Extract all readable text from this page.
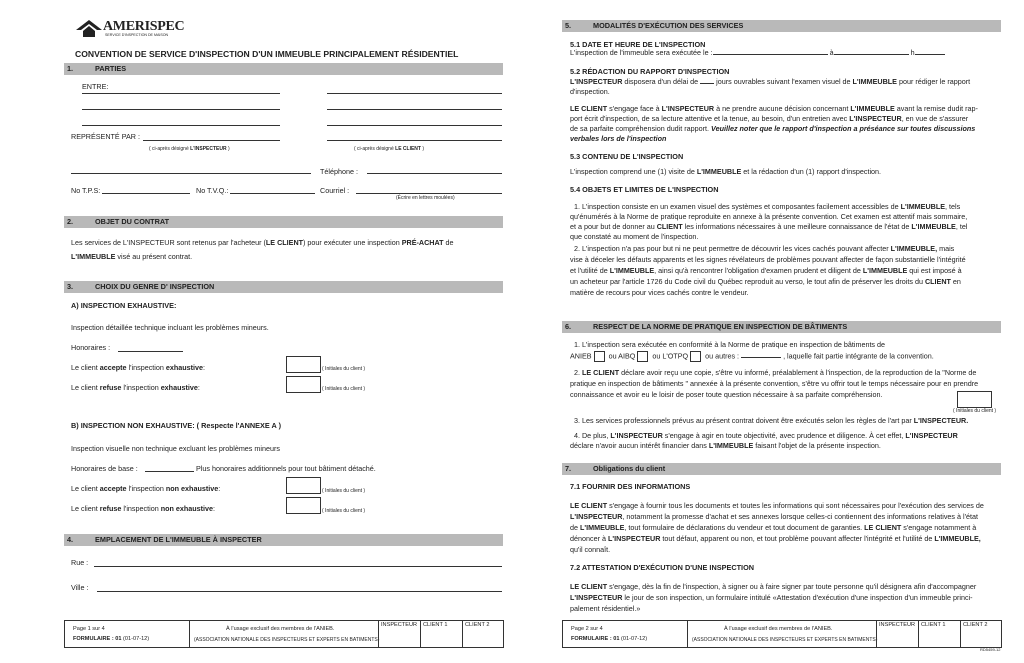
AMERISPEC
SERVICE D'INSPECTION DE MAISON
CONVENTION DE SERVICE D'INSPECTION D'UN IMMEUBLE PRINCIPALEMENT RÉSIDENTIEL
1.	PARTIES
ENTRE:
REPRÉSENTÉ PAR :
( ci-après désigné L'INSPECTEUR )	( ci-après désigné LE CLIENT )
Téléphone :
No T.P.S:	No T.V.Q.:	Courriel :
(Écrire en lettres moulées)
2.	OBJET DU CONTRAT
Les services de L'INSPECTEUR sont retenus par l'acheteur (LE CLIENT) pour exécuter une inspection PRÉ-ACHAT de
L'IMMEUBLE visé au présent contrat.
3.	CHOIX DU GENRE D' INSPECTION
A) INSPECTION EXHAUSTIVE:
Inspection détaillée technique incluant les problèmes mineurs.
Honoraires :
Le client accepte l'inspection exhaustive:	( Initiales du client )
Le client refuse l'inspection exhaustive:	( Initiales du client )
B) INSPECTION NON EXHAUSTIVE: ( Respecte l'ANNEXE A )
Inspection visuelle non technique excluant les problèmes mineurs
Honoraires de base :	Plus honoraires additionnels pour tout bâtiment détaché.
Le client accepte l'inspection non exhaustive:	( Initiales du client )
Le client refuse l'inspection non exhaustive:	( Initiales du client )
4.	EMPLACEMENT DE L'IMMEUBLE À INSPECTER
Rue :
Ville :
Page 1 sur 4
FORMULAIRE : 01 (01-07-12)
À l'usage exclusif des membres de l'ANIEB.
(ASSOCIATION NATIONALE DES INSPECTEURS ET EXPERTS EN BATIMENTS)
INSPECTEUR CLIENT 1	CLIENT 2
5.	MODALITÉS D'EXÉCUTION DES SERVICES
5.1 DATE ET HEURE DE L'INSPECTION
L'inspection de l'immeuble sera exécutée le :	à	h
5.2 RÉDACTION DU RAPPORT D'INSPECTION
L'INSPECTEUR disposera d'un délai de  jours ouvrables suivant l'examen visuel de L'IMMEUBLE pour rédiger le rapport
d'inspection.
LE CLIENT s'engage face à L'INSPECTEUR à ne prendre aucune décision concernant L'IMMEUBLE avant la remise dudit rap-
port écrit d'inspection, de sa lecture attentive et la tenue, au besoin, d'un entretien avec L'INSPECTEUR, en vue de s'assurer
de sa parfaite compréhension dudit rapport. Veuillez noter que le rapport d'inspection a préséance sur toutes discussions
verbales lors de l'inspection
5.3 CONTENU DE L'INSPECTION
L'inspection comprend une (1) visite de L'IMMEUBLE et la rédaction d'un (1) rapport d'inspection.
5.4 OBJETS ET LIMITES DE L'INSPECTION
1. L'inspection consiste en un examen visuel des systèmes et composantes facilement accessibles de L'IMMEUBLE, tels
qu'énumérés à la Norme de pratique reproduite en annexe à la présente convention. Cet examen est attentif mais sommaire,
et a pour but de donner au CLIENT les informations nécessaires à une meilleure connaissance de l'état de L'IMMEUBLE, tel
que constaté au moment de l'inspection.
2. L'inspection n'a pas pour but ni ne peut permettre de découvrir les vices cachés pouvant affecter L'IMMEUBLE, mais
vise à déceler les défauts apparents et les signes révélateurs de problèmes pouvant affecter de façon substantielle l'intégrité
et l'utilité de L'IMMEUBLE, ainsi qu'à rencontrer l'obligation d'examen prudent et diligent de L'IMMEUBLE qui est imposé à
un acheteur par l'article 1726 du Code civil du Québec reproduit au verso, le tout afin de préserver les droits du CLIENT en
matière de recours pour vices cachés contre le vendeur.
6.	RESPECT DE LA NORME DE PRATIQUE EN INSPECTION DE BÂTIMENTS
1. L'inspection sera exécutée en conformité à la Norme de pratique en inspection de bâtiments de
ANIEB ou AIBQ ou L'OTPQ ou autres :	, laquelle fait partie intégrante de la convention.
2. LE CLIENT déclare avoir reçu une copie, s'être vu informé, préalablement à l'inspection, de la reproduction de la "Norme de
pratique en inspection de bâtiments " annexée à la présente convention, s'être vu offrir tout le temps nécessaire pour en prendre
connaissance et avoir eu le loisir de poser toute question nécessaire à sa parfaite compréhension.
( Initiales du client )
3. Les services professionnels prévus au présent contrat doivent être exécutés selon les règles de l'art par L'INSPECTEUR.
4. De plus, L'INSPECTEUR s'engage à agir en toute objectivité, avec prudence et diligence. À cet effet, L'INSPECTEUR
déclare n'avoir aucun intérêt financier dans L'IMMEUBLE faisant l'objet de la présente inspection.
7.	Obligations du client
7.1 FOURNIR DES INFORMATIONS
LE CLIENT s'engage à fournir tous les documents et toutes les informations qui sont nécessaires pour l'exécution des services de
L'INSPECTEUR, notamment la promesse d'achat et ses annexes lorsque celles-ci contiennent des informations relatives à l'état
de L'IMMEUBLE, tout formulaire de déclarations du vendeur et tout document de garanties. LE CLIENT s'engage notamment à
dénoncer à L'INSPECTEUR tout défaut, apparent ou non, et tout problème pouvant affecter l'intégrité et l'utilité de L'IMMEUBLE,
qu'il connaît.
7.2 ATTESTATION D'EXÉCUTION D'UNE INSPECTION
LE CLIENT s'engage, dès la fin de l'inspection, à signer ou à faire signer par toute personne qu'il désignera afin d'accompagner
L'INSPECTEUR le jour de son inspection, un formulaire intitulé «Attestation d'exécution d'une inspection d'un immeuble princi-
palement résidentiel.»
Page 2 sur 4
FORMULAIRE : 01 (01-07-12)
À l'usage exclusif des membres de l'ANIEB.
(ASSOCIATION NATIONALE DES INSPECTEURS ET EXPERTS EN BATIMENTS)
INSPECTEUR CLIENT 1	CLIENT 2
RD5459-12
